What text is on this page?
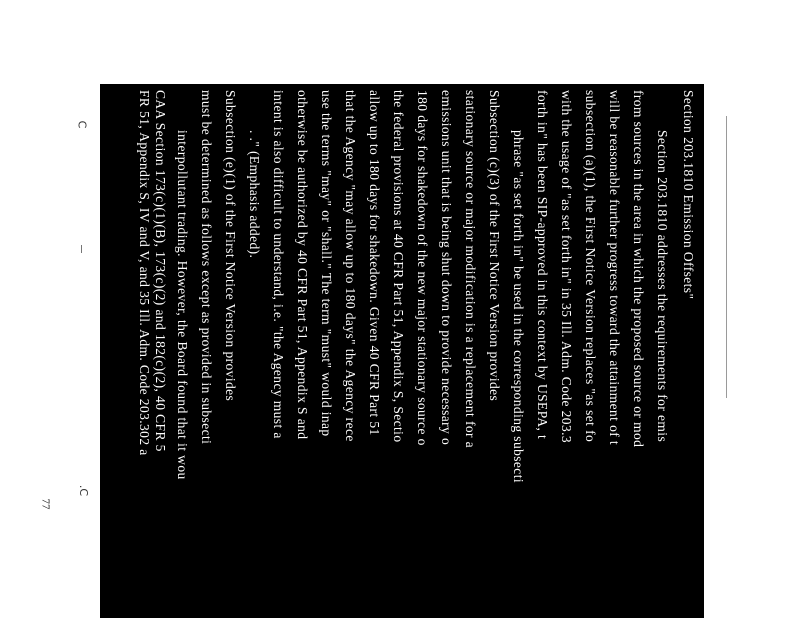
Section 203.1810 Emission Offsets"
Section 203.1810 addresses the requirements for emis
from sources in the area in which the proposed source or mod
will be reasonable further progress toward the attainment of t
subsection (a)(1), the First Notice Version replaces "as set fo
with the usage of "as set forth in" in 35 Ill. Adm. Code 203.3
forth in" has been SIP-approved in this context by USEPA, t
phrase "as set forth in" be used in the corresponding subsecti
Subsection (c)(3) of the First Notice Version provides
stationary source or major modification is a replacement for a
emissions unit that is being shut down to provide necessary o
180 days for shakedown of the new major stationary source o
the federal provisions at 40 CFR Part 51, Appendix S, Sectio
allow up to 180 days for shakedown. Given 40 CFR Part 51
that the Agency "may allow up to 180 days" the Agency rece
use the terms "may" or "shall." The term "must" would inap
otherwise be authorized by 40 CFR Part 51, Appendix S and
intent is also difficult to understand, i.e. "the Agency must a
. ." (Emphasis added).
Subsection (e)(1) of the First Notice Version provides
must be determined as follows except as provided in subsecti
interpollutant trading. However, the Board found that it wou
CAA Section 173(c)(1)(B), 173(c)(2) and 182(c)(2), 40 CFR 5
FR 51, Appendix S, IV and V, and 35 Ill. Adm. Code 203.302 a
C
|
.C
77
